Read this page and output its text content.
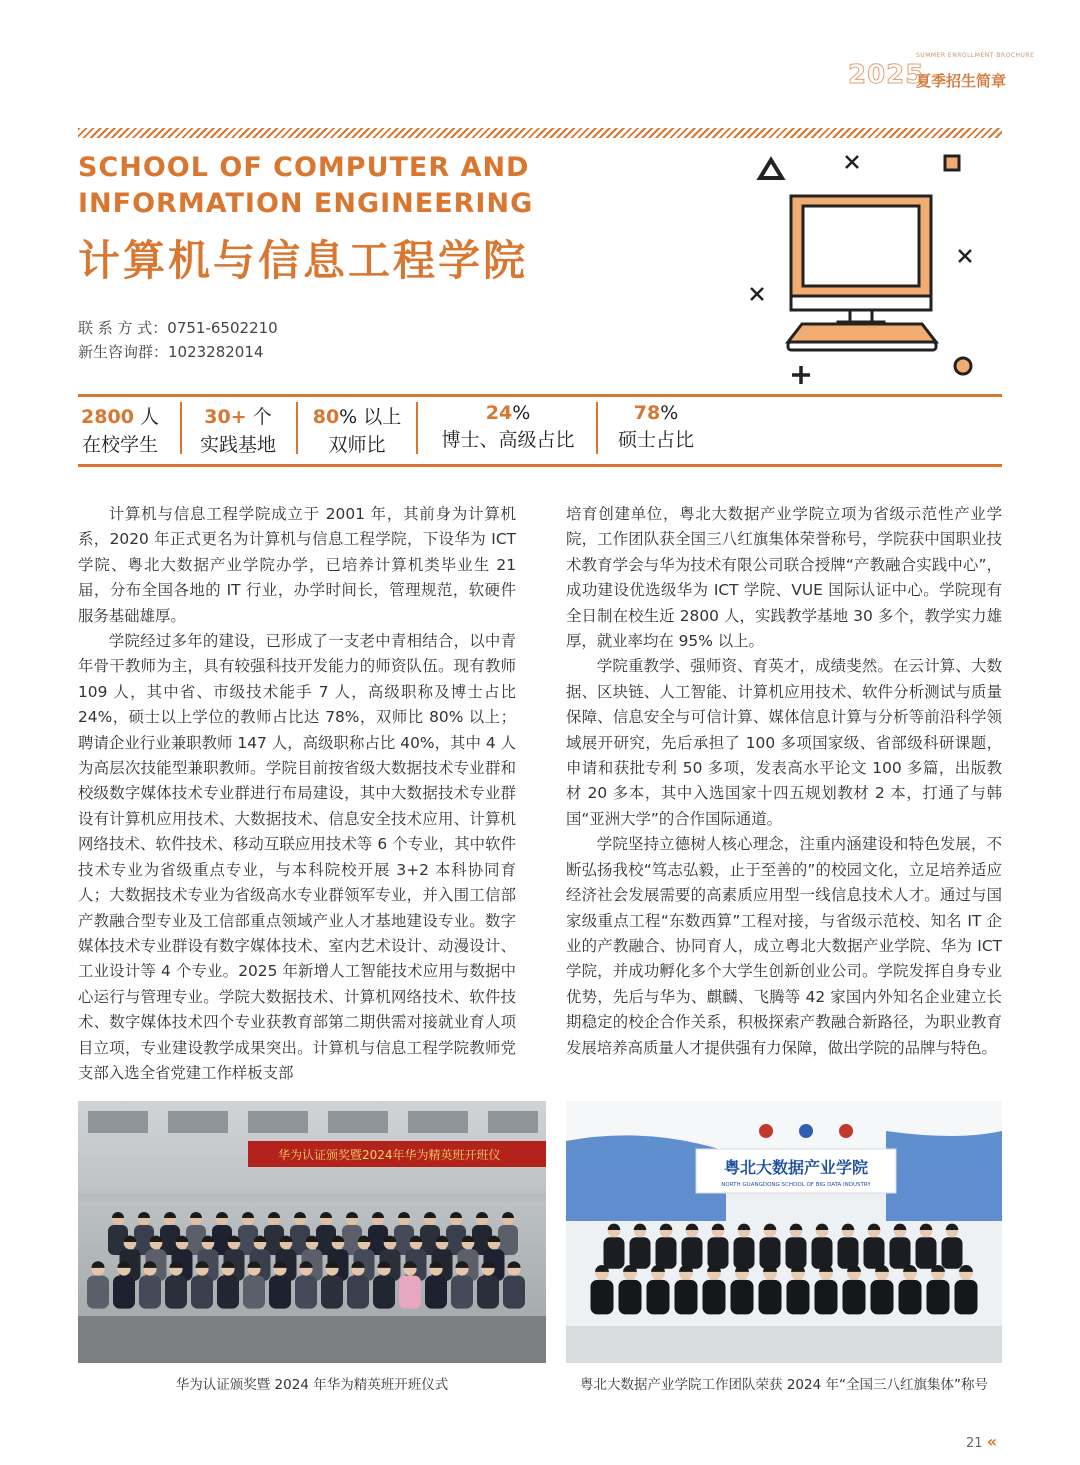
SUMMER ENROLLMENT BROCHURE
2025
夏季招生简章
SCHOOL OF COMPUTER AND
INFORMATION ENGINEERING
计算机与信息工程学院
联 系 方 式：0751-6502210
新生咨询群：1023282014
2800 人
在校学生
30+ 个
实践基地
80% 以上
双师比
24%
博士、高级占比
78%
硕士占比

计算机与信息工程学院成立于 2001 年，其前身为计算机系，2020 年正式更名为计算机与信息工程学院，下设华为 ICT 学院、粤北大数据产业学院办学，已培养计算机类毕业生 21 届，分布全国各地的 IT 行业，办学时间长，管理规范，软硬件服务基础雄厚。

学院经过多年的建设，已形成了一支老中青相结合，以中青年骨干教师为主，具有较强科技开发能力的师资队伍。现有教师 109 人，其中省、市级技术能手 7 人，高级职称及博士占比 24%，硕士以上学位的教师占比达 78%，双师比 80% 以上；聘请企业行业兼职教师 147 人，高级职称占比 40%，其中 4 人为高层次技能型兼职教师。学院目前按省级大数据技术专业群和校级数字媒体技术专业群进行布局建设，其中大数据技术专业群设有计算机应用技术、大数据技术、信息安全技术应用、计算机网络技术、软件技术、移动互联应用技术等 6 个专业，其中软件技术专业为省级重点专业，与本科院校开展 3+2 本科协同育人；大数据技术专业为省级高水专业群领军专业，并入围工信部产教融合型专业及工信部重点领域产业人才基地建设专业。数字媒体技术专业群设有数字媒体技术、室内艺术设计、动漫设计、工业设计等 4 个专业。2025 年新增人工智能技术应用与数据中心运行与管理专业。学院大数据技术、计算机网络技术、软件技术、数字媒体技术四个专业获教育部第二期供需对接就业育人项目立项，专业建设教学成果突出。计算机与信息工程学院教师党支部入选全省党建工作样板支部

培育创建单位，粤北大数据产业学院立项为省级示范性产业学院，工作团队获全国三八红旗集体荣誉称号，学院获中国职业技术教育学会与华为技术有限公司联合授牌“产教融合实践中心”，成功建设优选级华为 ICT 学院、VUE 国际认证中心。学院现有全日制在校生近 2800 人，实践教学基地 30 多个，教学实力雄厚，就业率均在 95% 以上。

学院重教学、强师资、育英才，成绩斐然。在云计算、大数据、区块链、人工智能、计算机应用技术、软件分析测试与质量保障、信息安全与可信计算、媒体信息计算与分析等前沿科学领域展开研究，先后承担了 100 多项国家级、省部级科研课题，申请和获批专利 50 多项，发表高水平论文 100 多篇，出版教材 20 多本，其中入选国家十四五规划教材 2 本，打通了与韩国“亚洲大学”的合作国际通道。

学院坚持立德树人核心理念，注重内涵建设和特色发展，不断弘扬我校“笃志弘毅，止于至善的”的校园文化，立足培养适应经济社会发展需要的高素质应用型一线信息技术人才。通过与国家级重点工程“东数西算”工程对接，与省级示范校、知名 IT 企业的产教融合、协同育人，成立粤北大数据产业学院、华为 ICT 学院，并成功孵化多个大学生创新创业公司。学院发挥自身专业优势，先后与华为、麒麟、飞腾等 42 家国内外知名企业建立长期稳定的校企合作关系，积极探索产教融合新路径，为职业教育发展培养高质量人才提供强有力保障，做出学院的品牌与特色。

华为认证颁奖暨2024年华为精英班开班仪
华为认证颁奖暨 2024 年华为精英班开班仪式
粤北大数据产业学院
NORTH GUANGDONG SCHOOL OF BIG DATA INDUSTRY
粤北大数据产业学院工作团队荣获 2024 年“全国三八红旗集体”称号
21 «
